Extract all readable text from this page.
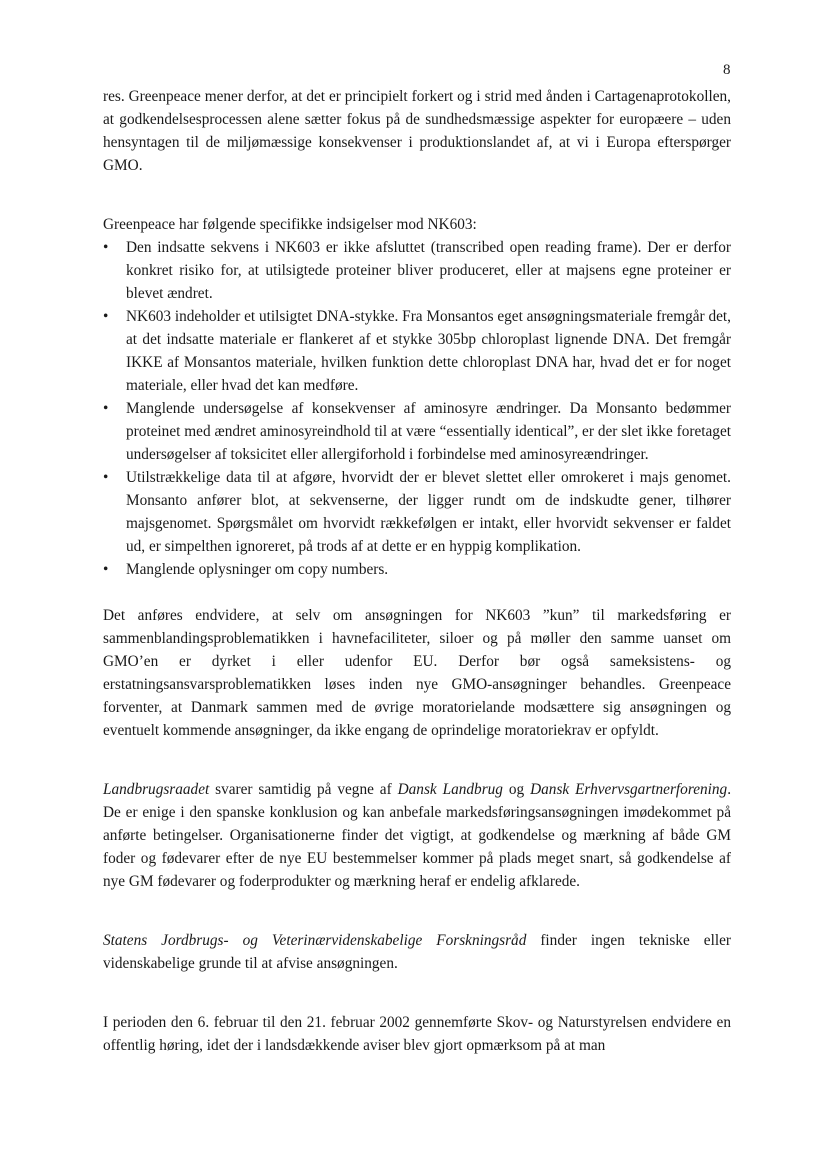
8

res. Greenpeace mener derfor, at det er principielt forkert og i strid med ånden i Cartagenaprotokollen, at godkendelsesprocessen alene sætter fokus på de sundhedsmæssige aspekter for europæere – uden hensyntagen til de miljømæssige konsekvenser i produktionslandet af, at vi i Europa efterspørger GMO.

Greenpeace har følgende specifikke indsigelser mod NK603:

• Den indsatte sekvens i NK603 er ikke afsluttet (transcribed open reading frame). Der er derfor konkret risiko for, at utilsigtede proteiner bliver produceret, eller at majsens egne proteiner er blevet ændret.
• NK603 indeholder et utilsigtet DNA-stykke. Fra Monsantos eget ansøgningsmateriale fremgår det, at det indsatte materiale er flankeret af et stykke 305bp chloroplast lignende DNA. Det fremgår IKKE af Monsantos materiale, hvilken funktion dette chloroplast DNA har, hvad det er for noget materiale, eller hvad det kan medføre.
• Manglende undersøgelse af konsekvenser af aminosyre ændringer. Da Monsanto bedømmer proteinet med ændret aminosyreindhold til at være “essentially identical”, er der slet ikke foretaget undersøgelser af toksicitet eller allergiforhold i forbindelse med aminosyreændringer.
• Utilstrækkelige data til at afgøre, hvorvidt der er blevet slettet eller omrokeret i majs genomet. Monsanto anfører blot, at sekvenserne, der ligger rundt om de indskudte gener, tilhører majsgenomet. Spørgsmålet om hvorvidt rækkefølgen er intakt, eller hvorvidt sekvenser er faldet ud, er simpelthen ignoreret, på trods af at dette er en hyppig komplikation.
• Manglende oplysninger om copy numbers.

Det anføres endvidere, at selv om ansøgningen for NK603 ”kun” til markedsføring er sammenblandingsproblematikken i havnefaciliteter, siloer og på møller den samme uanset om GMO’en er dyrket i eller udenfor EU. Derfor bør også sameksistens- og erstatningsansvarsproblematikken løses inden nye GMO-ansøgninger behandles. Greenpeace forventer, at Danmark sammen med de øvrige moratorielande modsættere sig ansøgningen og eventuelt kommende ansøgninger, da ikke engang de oprindelige moratoriekrav er opfyldt.

Landbrugsraadet svarer samtidig på vegne af Dansk Landbrug og Dansk Erhvervsgartnerforening. De er enige i den spanske konklusion og kan anbefale markedsføringsansøgningen imødekommet på anførte betingelser. Organisationerne finder det vigtigt, at godkendelse og mærkning af både GM foder og fødevarer efter de nye EU bestemmelser kommer på plads meget snart, så godkendelse af nye GM fødevarer og foderprodukter og mærkning heraf er endelig afklarede.

Statens Jordbrugs- og Veterinærvidenskabelige Forskningsråd finder ingen tekniske eller videnskabelige grunde til at afvise ansøgningen.

I perioden den 6. februar til den 21. februar 2002 gennemførte Skov- og Naturstyrelsen endvidere en offentlig høring, idet der i landsdækkende aviser blev gjort opmærksom på at man
